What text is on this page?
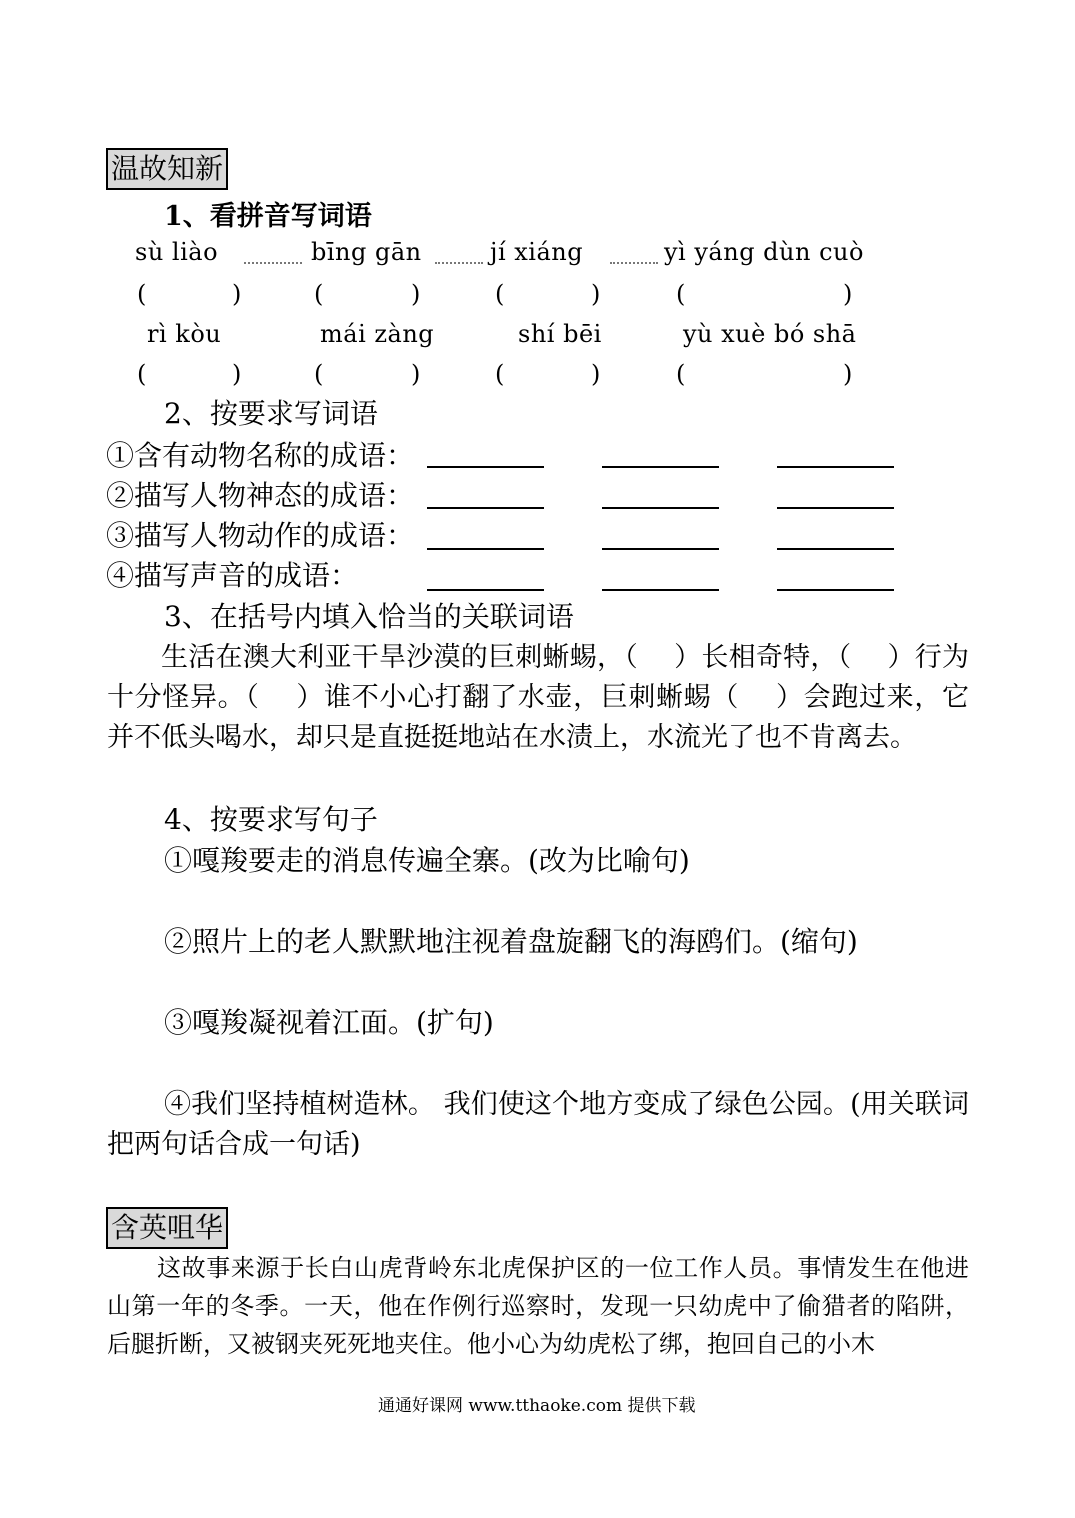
温故知新
1、看拼音写词语
sù liào	bīng gān	jí xiáng	yì yáng dùn cuò
(	)	(	)	(	)	(	)
rì kòu	mái zàng	shí bēi	yù xuè bó shā
(	)	(	)	(	)	(	)
2、按要求写词语
①含有动物名称的成语：
②描写人物神态的成语：
③描写人物动作的成语：
④描写声音的成语：
3、在括号内填入恰当的关联词语
生活在澳大利亚干旱沙漠的巨刺蜥蜴，（　 ）长相奇特，（　 ）行为十分怪异。（　 ）谁不小心打翻了水壶，巨刺蜥蜴（　 ）会跑过来，它并不低头喝水，却只是直挺挺地站在水渍上，水流光了也不肯离去。
4、按要求写句子
①嘎羧要走的消息传遍全寨。(改为比喻句)
②照片上的老人默默地注视着盘旋翻飞的海鸥们。(缩句)
③嘎羧凝视着江面。(扩句)
④我们坚持植树造林。 我们使这个地方变成了绿色公园。(用关联词把两句话合成一句话)
含英咀华
这故事来源于长白山虎背岭东北虎保护区的一位工作人员。事情发生在他进山第一年的冬季。一天，他在作例行巡察时，发现一只幼虎中了偷猎者的陷阱，后腿折断，又被钢夹死死地夹住。他小心为幼虎松了绑，抱回自己的小木
通通好课网 www.tthaoke.com 提供下载
